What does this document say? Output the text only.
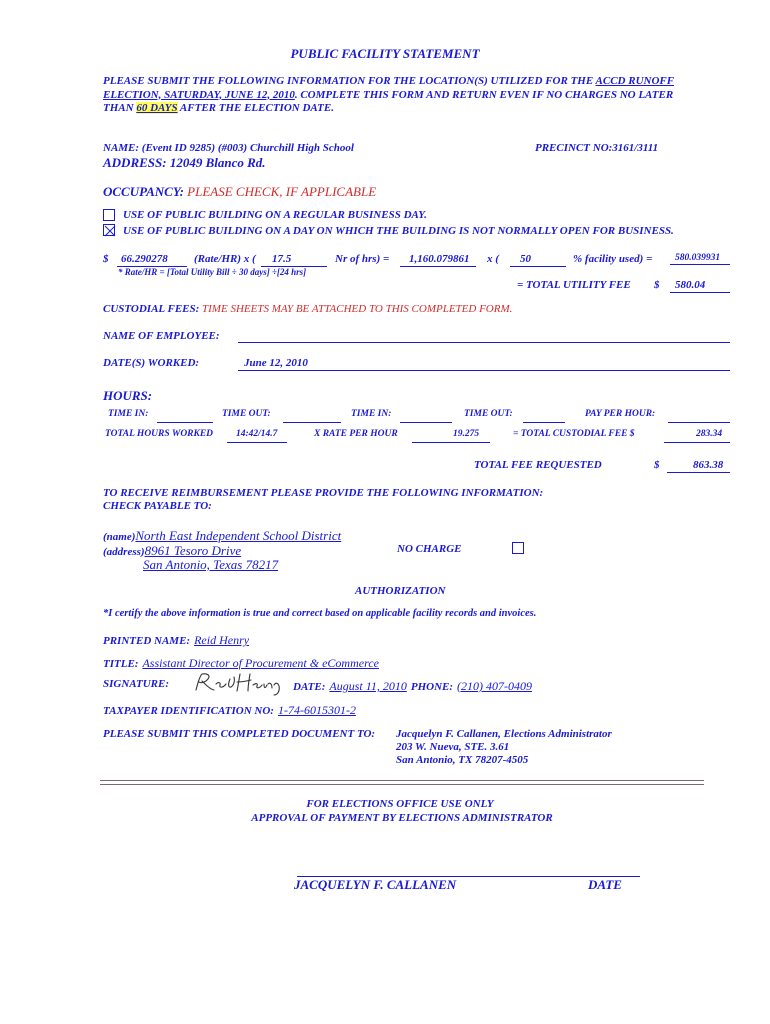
PUBLIC FACILITY STATEMENT
PLEASE SUBMIT THE FOLLOWING INFORMATION FOR THE LOCATION(S) UTILIZED FOR THE ACCD RUNOFF
ELECTION, SATURDAY, JUNE 12, 2010. COMPLETE THIS FORM AND RETURN EVEN IF NO CHARGES NO LATER
THAN 60 DAYS AFTER THE ELECTION DATE.
NAME: (Event ID 9285) (#003) Churchill High School	PRECINCT NO:3161/3111
ADDRESS: 12049 Blanco Rd.
OCCUPANCY: PLEASE CHECK, IF APPLICABLE
USE OF PUBLIC BUILDING ON A REGULAR BUSINESS DAY.
USE OF PUBLIC BUILDING ON A DAY ON WHICH THE BUILDING IS NOT NORMALLY OPEN FOR BUSINESS.
$ 66.290278 (Rate/HR) x ( 17.5	Nr of hrs) = 1,160.079861 x ( 50	% facility used) = 580.039931
* Rate/HR = [Total Utility Bill ÷ 30 days] ÷[24 hrs]
= TOTAL UTILITY FEE $ 580.04
CUSTODIAL FEES: TIME SHEETS MAY BE ATTACHED TO THIS COMPLETED FORM.
NAME OF EMPLOYEE:
DATE(S) WORKED:	June 12, 2010
HOURS:
TIME IN:	TIME OUT:	TIME IN:	TIME OUT:	PAY PER HOUR:
TOTAL HOURS WORKED 14:42/14.7	X RATE PER HOUR	19.275	= TOTAL CUSTODIAL FEE $	283.34
TOTAL FEE REQUESTED	$	863.38
TO RECEIVE REIMBURSEMENT PLEASE PROVIDE THE FOLLOWING INFORMATION:
CHECK PAYABLE TO:
(name)North East Independent School District
(address)8961 Tesoro Drive
San Antonio, Texas 78217
NO CHARGE
AUTHORIZATION
*I certify the above information is true and correct based on applicable facility records and invoices.
PRINTED NAME: Reid Henry
TITLE: Assistant Director of Procurement & eCommerce
SIGNATURE:	DATE: August 11, 2010 PHONE: (210) 407-0409
TAXPAYER IDENTIFICATION NO: 1-74-6015301-2
PLEASE SUBMIT THIS COMPLETED DOCUMENT TO: Jacquelyn F. Callanen, Elections Administrator
203 W. Nueva, STE. 3.61
San Antonio, TX 78207-4505
FOR ELECTIONS OFFICE USE ONLY
APPROVAL OF PAYMENT BY ELECTIONS ADMINISTRATOR
JACQUELYN F. CALLANEN	DATE
